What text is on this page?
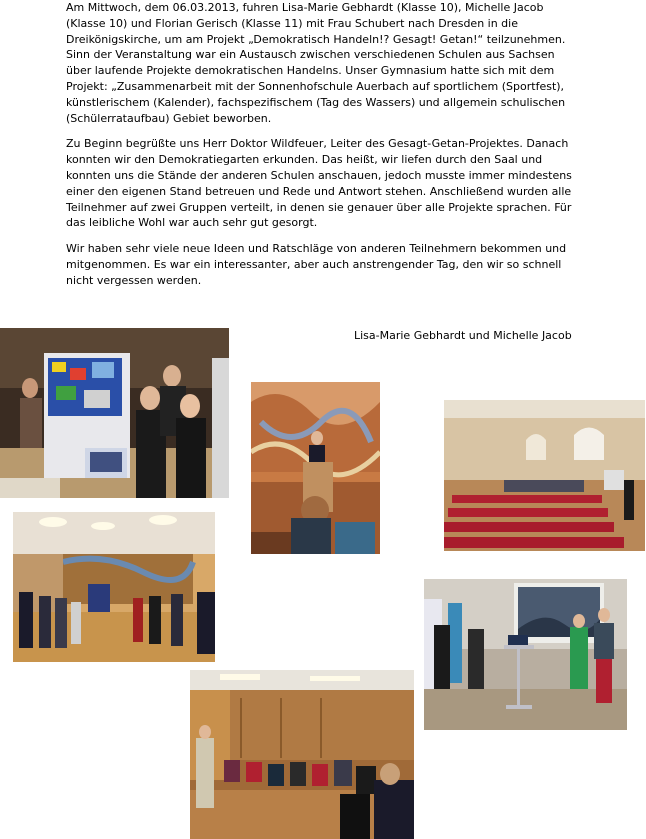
Am Mittwoch, dem 06.03.2013, fuhren Lisa-Marie Gebhardt (Klasse 10), Michelle Jacob (Klasse 10) und Florian Gerisch (Klasse 11) mit Frau Schubert nach Dresden in die Dreikönigskirche, um am Projekt „Demokratisch Handeln!? Gesagt! Getan!“ teilzunehmen. Sinn der Veranstaltung war ein Austausch zwischen verschiedenen Schulen aus Sachsen über laufende Projekte demokratischen Handelns. Unser Gymnasium hatte sich mit dem Projekt: „Zusammenarbeit mit der Sonnenhofschule Auerbach auf sportlichem (Sportfest), künstlerischem (Kalender), fachspezifischem (Tag des Wassers) und allgemein schulischen (Schülerrataufbau) Gebiet beworben.

Zu Beginn begrüßte uns Herr Doktor Wildfeuer, Leiter des Gesagt-Getan-Projektes. Danach konnten wir den Demokratiegarten erkunden. Das heißt, wir liefen durch den Saal und konnten uns die Stände der anderen Schulen anschauen, jedoch musste immer mindestens einer den eigenen Stand betreuen und Rede und Antwort stehen. Anschließend wurden alle Teilnehmer auf zwei Gruppen verteilt, in denen sie genauer über alle Projekte sprachen. Für das leibliche Wohl war auch sehr gut gesorgt.

Wir haben sehr viele neue Ideen und Ratschläge von anderen Teilnehmern bekommen und mitgenommen. Es war ein interessanter, aber auch anstrengender Tag, den wir so schnell nicht vergessen werden.

Lisa-Marie Gebhardt und Michelle Jacob
